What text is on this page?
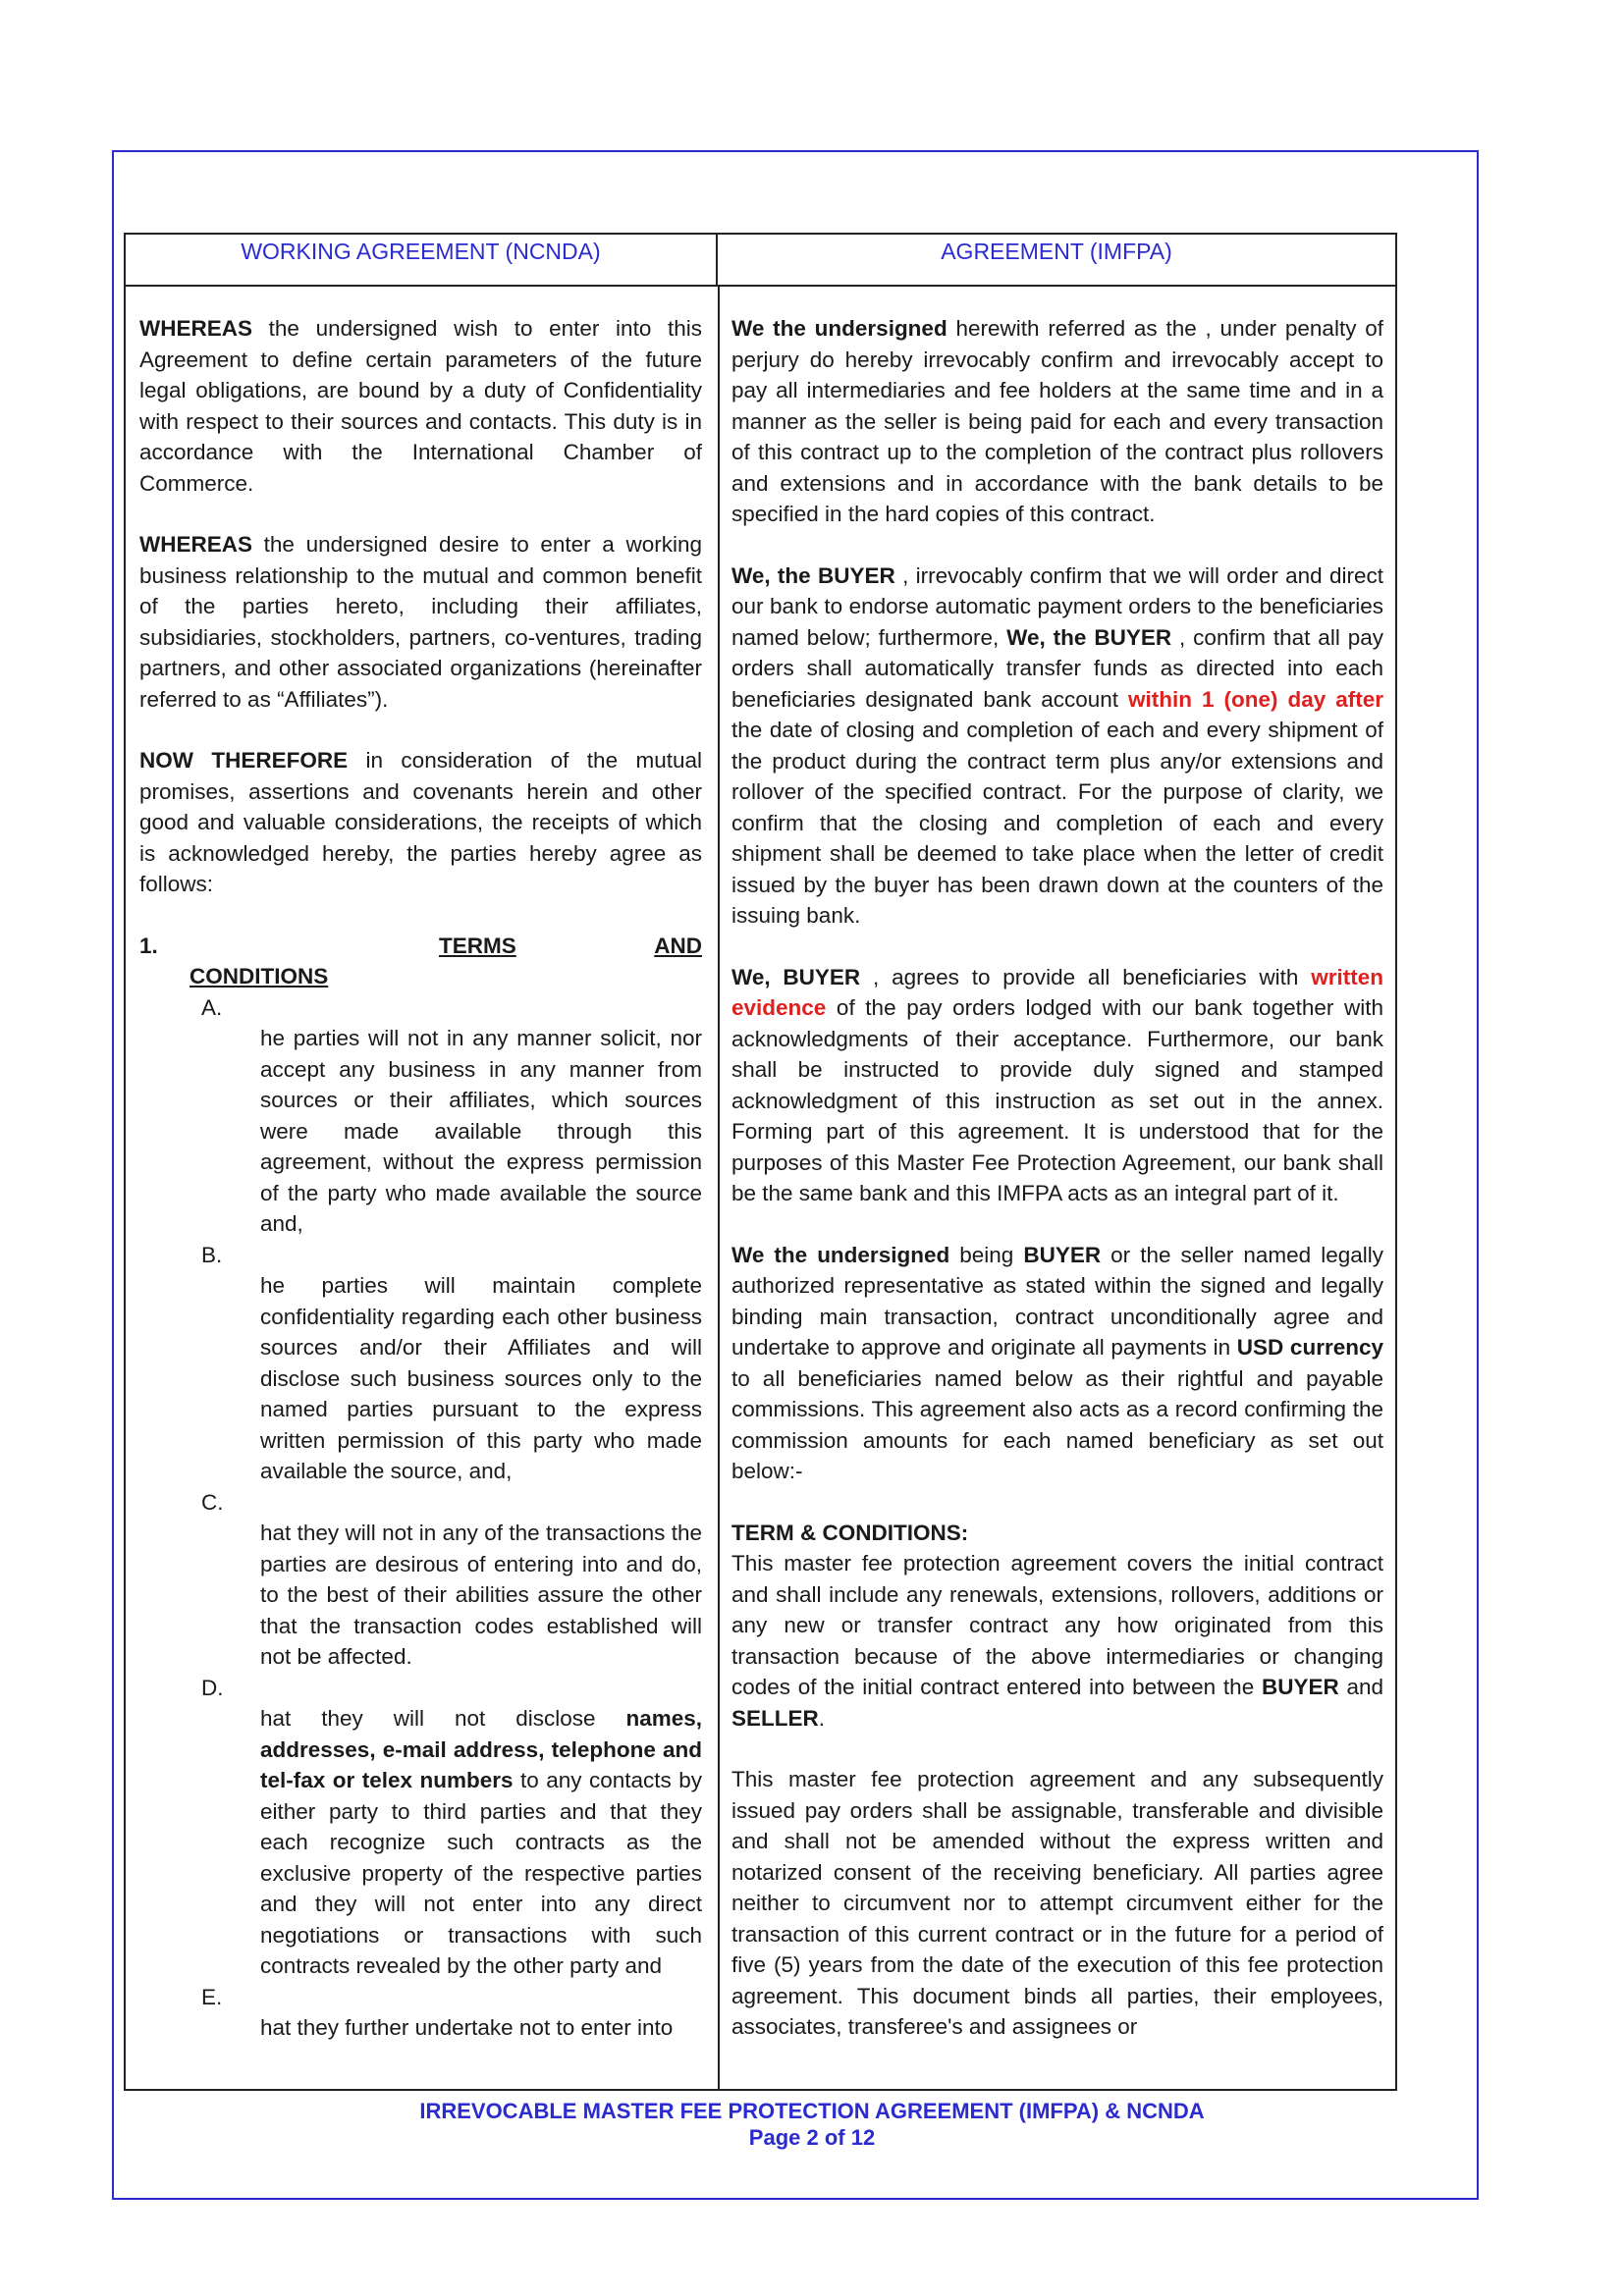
WORKING AGREEMENT (NCNDA)	AGREEMENT (IMFPA)

WHEREAS the undersigned wish to enter into this Agreement to define certain parameters of the future legal obligations, are bound by a duty of Confidentiality with respect to their sources and contacts. This duty is in accordance with the International Chamber of Commerce.

WHEREAS the undersigned desire to enter a working business relationship to the mutual and common benefit of the parties hereto, including their affiliates, subsidiaries, stockholders, partners, co-ventures, trading partners, and other associated organizations (hereinafter referred to as “Affiliates”).

NOW THEREFORE in consideration of the mutual promises, assertions and covenants herein and other good and valuable considerations, the receipts of which is acknowledged hereby, the parties hereby agree as follows:

1.	TERMS	AND
CONDITIONS
A.

he parties will not in any manner solicit, nor accept any business in any manner from sources or their affiliates, which sources were made available through this agreement, without the express permission of the party who made available the source and,

B.

he parties will maintain complete confidentiality regarding each other business sources and/or their Affiliates and will disclose such business sources only to the named parties pursuant to the express written permission of this party who made available the source, and,

C.

hat they will not in any of the transactions the parties are desirous of entering into and do, to the best of their abilities assure the other that the transaction codes established will not be affected.

D.

hat they will not disclose names, addresses, e-mail address, telephone and tel-fax or telex numbers to any contacts by either party to third parties and that they each recognize such contracts as the exclusive property of the respective parties and they will not enter into any direct negotiations or transactions with such contracts revealed by the other party and

E.

hat they further undertake not to enter into

We the undersigned herewith referred as the , under penalty of perjury do hereby irrevocably confirm and irrevocably accept to pay all intermediaries and fee holders at the same time and in a manner as the seller is being paid for each and every transaction of this contract up to the completion of the contract plus rollovers and extensions and in accordance with the bank details to be specified in the hard copies of this contract.

We, the BUYER , irrevocably confirm that we will order and direct our bank to endorse automatic payment orders to the beneficiaries named below; furthermore, We, the BUYER , confirm that all pay orders shall automatically transfer funds as directed into each beneficiaries designated bank account within 1 (one) day after the date of closing and completion of each and every shipment of the product during the contract term plus any/or extensions and rollover of the specified contract. For the purpose of clarity, we confirm that the closing and completion of each and every shipment shall be deemed to take place when the letter of credit issued by the buyer has been drawn down at the counters of the issuing bank.

We, BUYER , agrees to provide all beneficiaries with written evidence of the pay orders lodged with our bank together with acknowledgments of their acceptance. Furthermore, our bank shall be instructed to provide duly signed and stamped acknowledgment of this instruction as set out in the annex. Forming part of this agreement. It is understood that for the purposes of this Master Fee Protection Agreement, our bank shall be the same bank and this IMFPA acts as an integral part of it.

We the undersigned being BUYER or the seller named legally authorized representative as stated within the signed and legally binding main transaction, contract unconditionally agree and undertake to approve and originate all payments in USD currency to all beneficiaries named below as their rightful and payable commissions. This agreement also acts as a record confirming the commission amounts for each named beneficiary as set out below:-

TERM & CONDITIONS:

This master fee protection agreement covers the initial contract and shall include any renewals, extensions, rollovers, additions or any new or transfer contract any how originated from this transaction because of the above intermediaries or changing codes of the initial contract entered into between the BUYER and SELLER.

This master fee protection agreement and any subsequently issued pay orders shall be assignable, transferable and divisible and shall not be amended without the express written and notarized consent of the receiving beneficiary. All parties agree neither to circumvent nor to attempt circumvent either for the transaction of this current contract or in the future for a period of five (5) years from the date of the execution of this fee protection agreement. This document binds all parties, their employees, associates, transferee's and assignees or

IRREVOCABLE MASTER FEE PROTECTION AGREEMENT (IMFPA) & NCNDA
Page 2 of 12
